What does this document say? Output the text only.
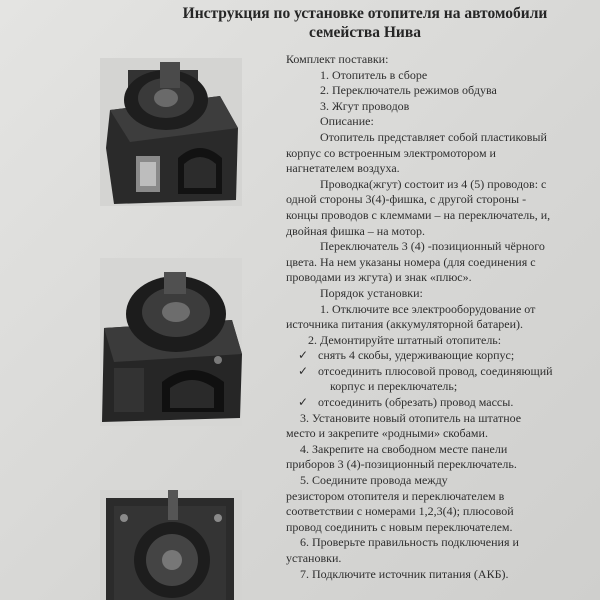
Инструкция по установке отопителя на автомобили
семейства Нива

Комплект поставки:

1. Отопитель в сборе

2. Переключатель режимов обдува

3. Жгут проводов

Описание:

Отопитель представляет собой пластиковый

корпус со встроенным электромотором и

нагнетателем воздуха.

Проводка(жгут) состоит из 4 (5) проводов: с

одной стороны 3(4)-фишка, с другой стороны -

концы проводов с клеммами – на переключатель, и,

двойная фишка – на мотор.

Переключатель 3 (4) -позиционный чёрного

цвета. На нем указаны номера (для соединения с

проводами из жгута) и знак «плюс».

Порядок установки:

1. Отключите все электрооборудование от

источника питания (аккумуляторной батареи).

2. Демонтируйте штатный отопитель:

✓ снять 4 скобы, удерживающие корпус;

✓ отсоединить плюсовой провод, соединяющий

корпус и переключатель;

✓ отсоединить (обрезать) провод массы.

3. Установите новый отопитель на штатное

место и закрепите «родными» скобами.

4. Закрепите на свободном месте панели

приборов 3 (4)-позиционный переключатель.

5. Соедините провода между

резистором отопителя и переключателем в

соответствии с номерами 1,2,3(4); плюсовой

провод соединить с новым переключателем.

6. Проверьте правильность подключения и

установки.

7. Подключите источник питания (АКБ).
